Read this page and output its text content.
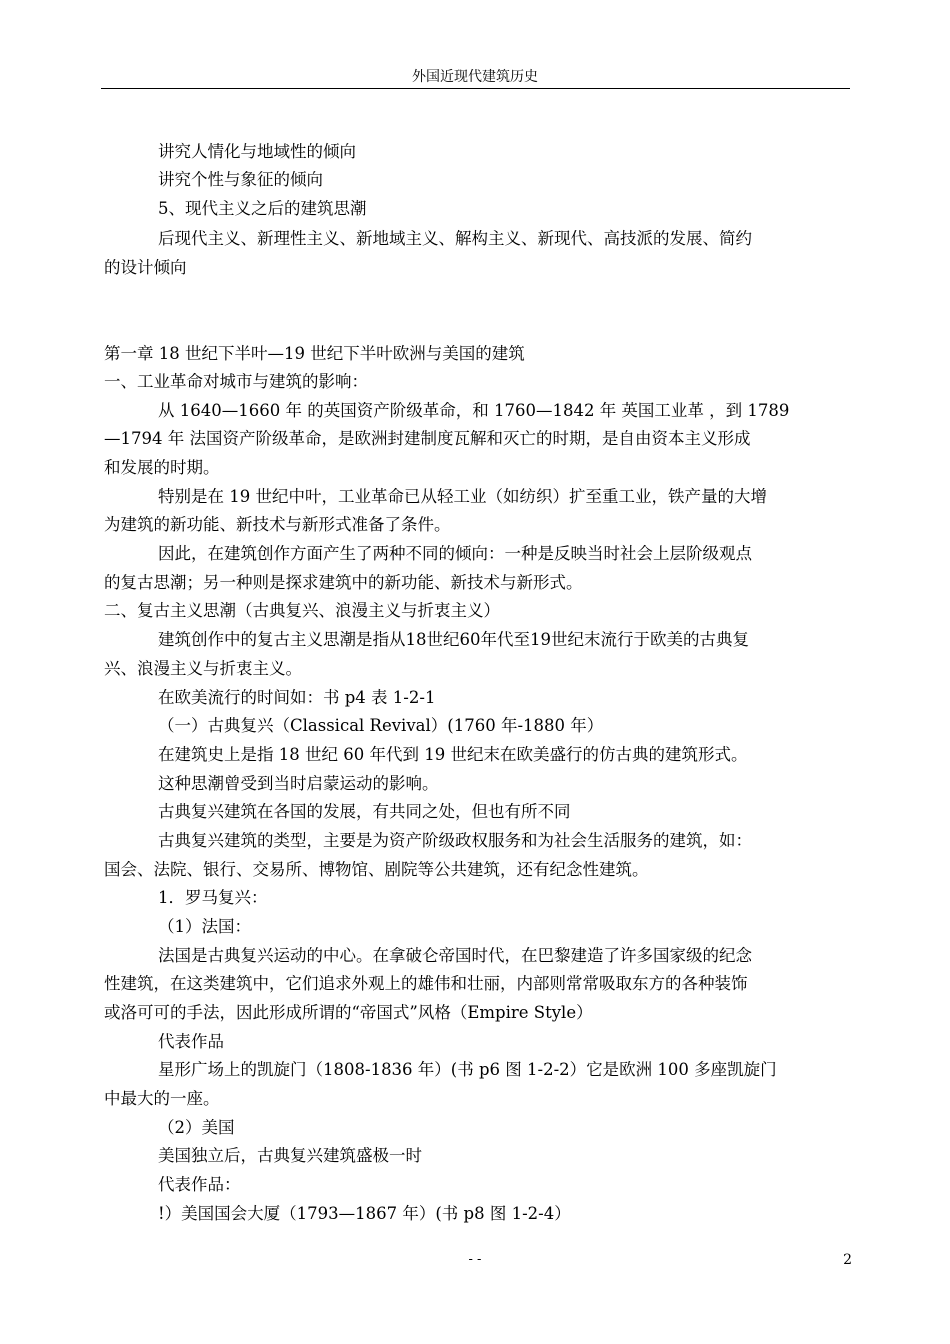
外国近现代建筑历史
讲究人情化与地域性的倾向
讲究个性与象征的倾向
5、现代主义之后的建筑思潮
后现代主义、新理性主义、新地域主义、解构主义、新现代、高技派的发展、简约
的设计倾向
第一章 18 世纪下半叶—19 世纪下半叶欧洲与美国的建筑
一、工业革命对城市与建筑的影响：
从 1640—1660 年 的英国资产阶级革命，和 1760—1842 年 英国工业革 ，到 1789
—1794 年 法国资产阶级革命，是欧洲封建制度瓦解和灭亡的时期，是自由资本主义形成
和发展的时期。
特别是在 19 世纪中叶，工业革命已从轻工业（如纺织）扩至重工业，铁产量的大增
为建筑的新功能、新技术与新形式准备了条件。
因此，在建筑创作方面产生了两种不同的倾向：一种是反映当时社会上层阶级观点
的复古思潮；另一种则是探求建筑中的新功能、新技术与新形式。
二、复古主义思潮（古典复兴、浪漫主义与折衷主义）
建筑创作中的复古主义思潮是指从18世纪60年代至19世纪末流行于欧美的古典复
兴、浪漫主义与折衷主义。
在欧美流行的时间如：书 p4 表 1-2-1
（一）古典复兴（Classical Revival）(1760 年-1880 年）
在建筑史上是指 18 世纪 60 年代到 19 世纪末在欧美盛行的仿古典的建筑形式。
这种思潮曾受到当时启蒙运动的影响。
古典复兴建筑在各国的发展，有共同之处，但也有所不同
古典复兴建筑的类型，主要是为资产阶级政权服务和为社会生活服务的建筑，如：
国会、法院、银行、交易所、博物馆、剧院等公共建筑，还有纪念性建筑。
1．罗马复兴：
（1）法国：
法国是古典复兴运动的中心。在拿破仑帝国时代，在巴黎建造了许多国家级的纪念
性建筑，在这类建筑中，它们追求外观上的雄伟和壮丽，内部则常常吸取东方的各种装饰
或洛可可的手法，因此形成所谓的“帝国式”风格（Empire Style）
代表作品
星形广场上的凯旋门（1808-1836 年）(书 p6 图 1-2-2）它是欧洲 100 多座凯旋门
中最大的一座。
（2）美国
美国独立后，古典复兴建筑盛极一时
代表作品：
!）美国国会大厦（1793—1867 年）(书 p8 图 1-2-4）
- -	2
